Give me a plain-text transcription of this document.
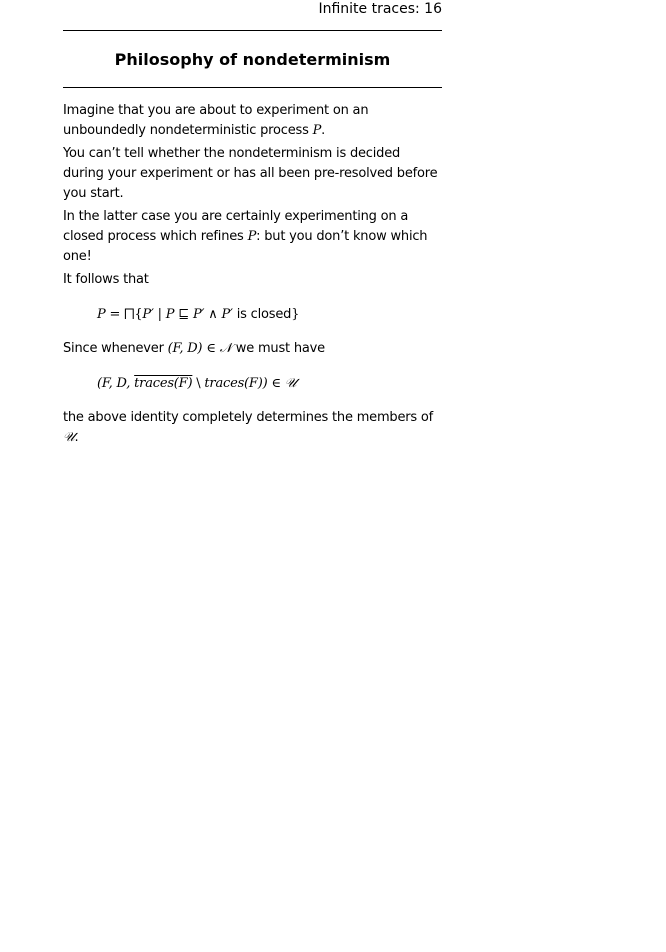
Infinite traces: 16
Philosophy of nondeterminism

Imagine that you are about to experiment on an unboundedly nondeterministic process P.

You can’t tell whether the nondeterminism is decided during your experiment or has all been pre-resolved before you start.

In the latter case you are certainly experimenting on a closed process which refines P: but you don’t know which one!

It follows that

P = ⨅{P′ | P ⊑ P′ ∧ P′ is closed}

Since whenever (F, D) ∈ 𝒩 we must have

(F, D, traces(F) \ traces(F)) ∈ 𝒰

the above identity completely determines the members of 𝒰.
